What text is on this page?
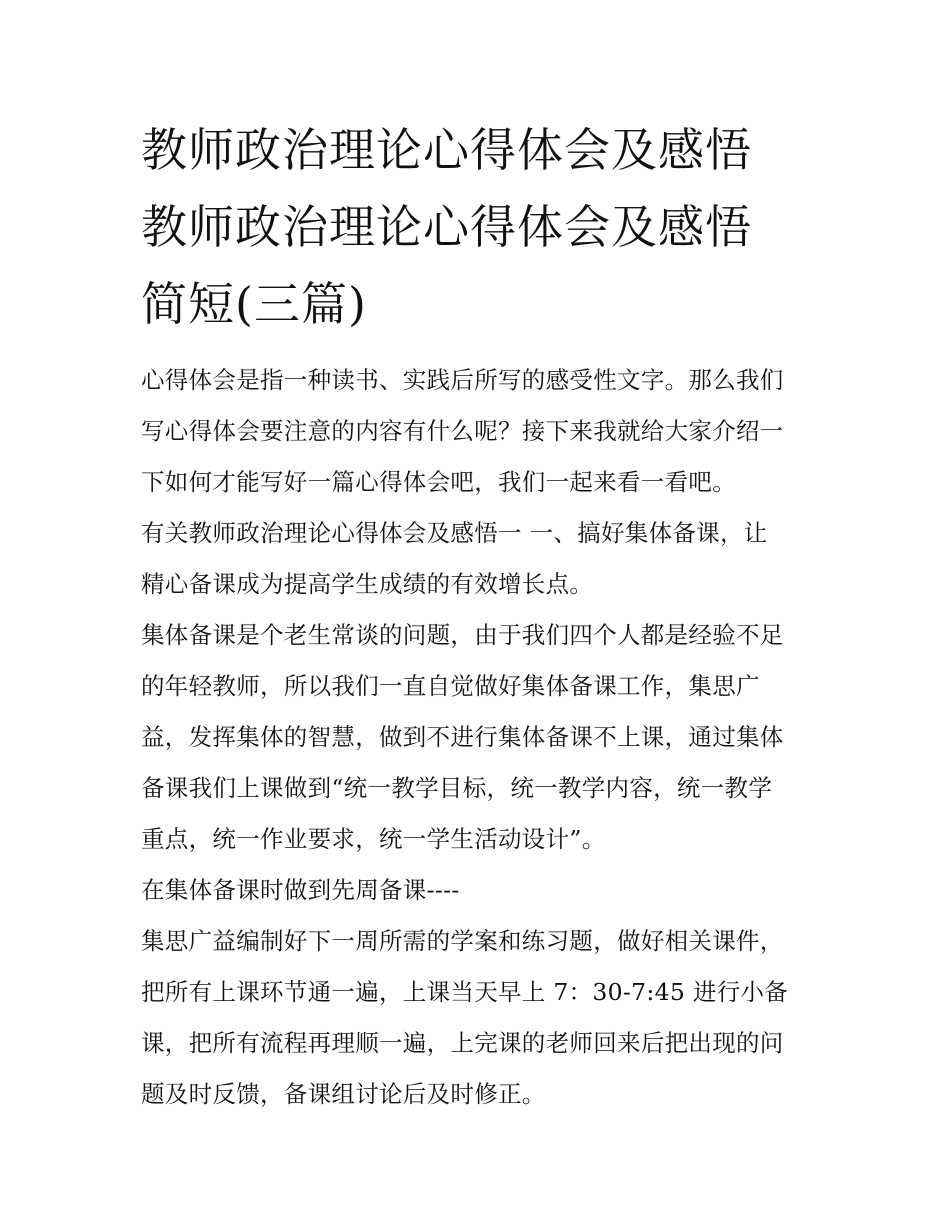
教师政治理论心得体会及感悟
教师政治理论心得体会及感悟
简短(三篇)

心得体会是指一种读书、实践后所写的感受性文字。那么我们

写心得体会要注意的内容有什么呢？接下来我就给大家介绍一

下如何才能写好一篇心得体会吧，我们一起来看一看吧。

有关教师政治理论心得体会及感悟一 一、搞好集体备课，让

精心备课成为提高学生成绩的有效增长点。

集体备课是个老生常谈的问题，由于我们四个人都是经验不足

的年轻教师，所以我们一直自觉做好集体备课工作，集思广

益，发挥集体的智慧，做到不进行集体备课不上课，通过集体

备课我们上课做到“统一教学目标，统一教学内容，统一教学

重点，统一作业要求，统一学生活动设计”。

在集体备课时做到先周备课----

集思广益编制好下一周所需的学案和练习题，做好相关课件，

把所有上课环节通一遍，上课当天早上 7：30-7:45 进行小备

课，把所有流程再理顺一遍，上完课的老师回来后把出现的问

题及时反馈，备课组讨论后及时修正。
